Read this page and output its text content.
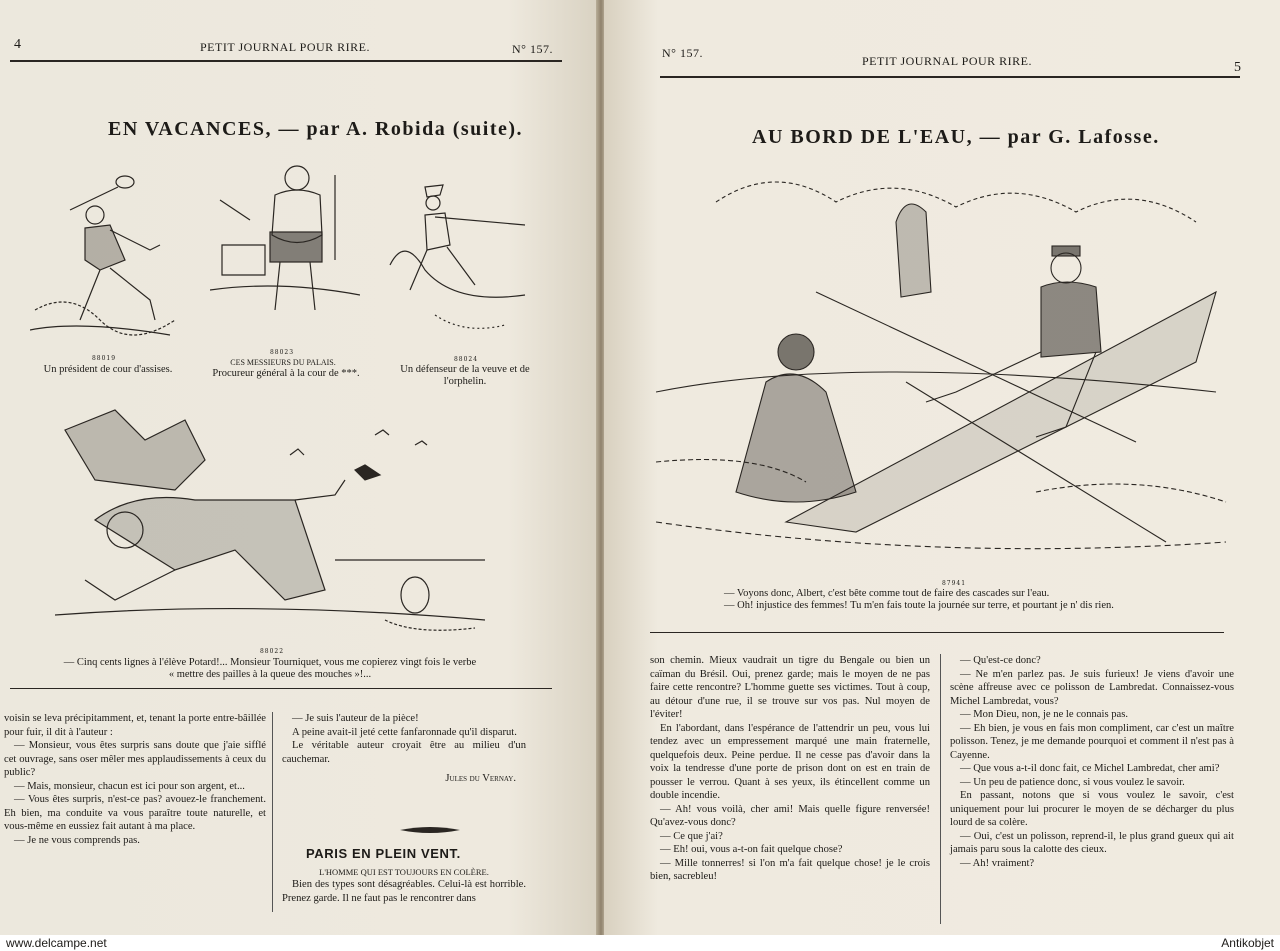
4	PETIT JOURNAL POUR RIRE.	N° 157.
EN VACANCES, — par A. Robida (suite).
88019
Un président de cour d'assises.
88023
CES MESSIEURS DU PALAIS.
Procureur général à la cour de ***.
88024
Un défenseur de la veuve et de l'orphelin.
88022
— Cinq cents lignes à l'élève Potard!... Monsieur Tourniquet, vous me copierez vingt fois le verbe « mettre des pailles à la queue des mouches »!...

voisin se leva précipitamment, et, tenant la porte entre-bâillée pour fuir, il dit à l'auteur :

— Monsieur, vous êtes surpris sans doute que j'aie sifflé cet ouvrage, sans oser mêler mes applaudissements à ceux du public?

— Mais, monsieur, chacun est ici pour son argent, et...

— Vous êtes surpris, n'est-ce pas? avouez-le franchement. Eh bien, ma conduite va vous paraître toute naturelle, et vous-même en eussiez fait autant à ma place.

— Je ne vous comprends pas.

— Je suis l'auteur de la pièce!

A peine avait-il jeté cette fanfaronnade qu'il disparut.

Le véritable auteur croyait être au milieu d'un cauchemar.

Jules du Vernay.

PARIS EN PLEIN VENT.
L'HOMME QUI EST TOUJOURS EN COLÈRE.
Bien des types sont désagréables. Celui-là est horrible. Prenez garde. Il ne faut pas le rencontrer dans
N° 157.
PETIT JOURNAL POUR RIRE.	5
AU BORD DE L'EAU, — par G. Lafosse.
87941
— Voyons donc, Albert, c'est bête comme tout de faire des cascades sur l'eau.
— Oh! injustice des femmes! Tu m'en fais toute la journée sur terre, et pourtant je n' dis rien.

son chemin. Mieux vaudrait un tigre du Bengale ou bien un caïman du Brésil. Oui, prenez garde; mais le moyen de ne pas faire cette rencontre? L'homme guette ses victimes. Tout à coup, au détour d'une rue, il se trouve sur vos pas. Nul moyen de l'éviter!

En l'abordant, dans l'espérance de l'attendrir un peu, vous lui tendez avec un empressement marqué une main fraternelle, quelquefois deux. Peine perdue. Il ne cesse pas d'avoir dans la voix la tendresse d'une porte de prison dont on est en train de pousser le verrou. Quant à ses yeux, ils étincellent comme un double incendie.

— Ah! vous voilà, cher ami! Mais quelle figure renversée! Qu'avez-vous donc?

— Ce que j'ai?

— Eh! oui, vous a-t-on fait quelque chose?

— Mille tonnerres! si l'on m'a fait quelque chose! je le crois bien, sacrebleu!

— Qu'est-ce donc?

— Ne m'en parlez pas. Je suis furieux! Je viens d'avoir une scène affreuse avec ce polisson de Lambredat. Connaissez-vous Michel Lambredat, vous?

— Mon Dieu, non, je ne le connais pas.

— Eh bien, je vous en fais mon compliment, car c'est un maître polisson. Tenez, je me demande pourquoi et comment il n'est pas à Cayenne.

— Que vous a-t-il donc fait, ce Michel Lambredat, cher ami?

— Un peu de patience donc, si vous voulez le savoir.

En passant, notons que si vous voulez le savoir, c'est uniquement pour lui procurer le moyen de se décharger du plus lourd de sa colère.

— Oui, c'est un polisson, reprend-il, le plus grand gueux qui ait jamais paru sous la calotte des cieux.

— Ah! vraiment?

www.delcampe.net	Antikobjet
